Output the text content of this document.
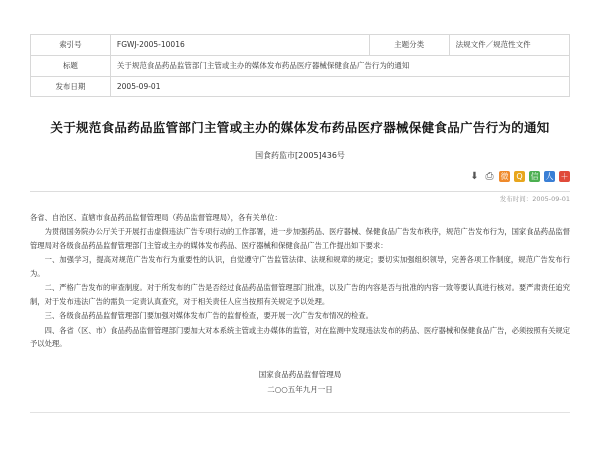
索引号	FGWJ-2005-10016	主题分类	法规文件／规范性文件
标题	关于规范食品药品监管部门主管或主办的媒体发布药品医疗器械保健食品广告行为的通知		
发布日期	2005-09-01		
关于规范食品药品监管部门主管或主办的媒体发布药品医疗器械保健食品广告行为的通知
国食药监市[2005]436号
⬇ ⎙ 微 Q 信 人 ＋
发布时间：2005-09-01

各省、自治区、直辖市食品药品监督管理局（药品监督管理局），各有关单位：

为贯彻国务院办公厅关于开展打击虚假违法广告专项行动的工作部署，进一步加强药品、医疗器械、保健食品广告发布秩序，规范广告发布行为，国家食品药品监督管理局对各级食品药品监督管理部门主管或主办的媒体发布药品、医疗器械和保健食品广告工作提出如下要求：

一、加强学习，提高对规范广告发布行为重要性的认识，自觉遵守广告监管法律、法规和规章的规定；要切实加强组织领导，完善各项工作制度，规范广告发布行为。

二、严格广告发布的审查制度。对于所发布的广告是否经过食品药品监督管理部门批准，以及广告的内容是否与批准的内容一致等要认真进行核对。要严肃责任追究制，对于发布违法广告的需负一定责认真查究，对于相关责任人应当按照有关规定予以处理。

三、各级食品药品监督管理部门要加强对媒体发布广告的监督检查，要开展一次广告发布情况的检查。

四、各省（区、市）食品药品监督管理部门要加大对本系统主管或主办媒体的监管，对在监测中发现违法发布的药品、医疗器械和保健食品广告，必须按照有关规定予以处理。

国家食品药品监督管理局
二○○五年九月一日
